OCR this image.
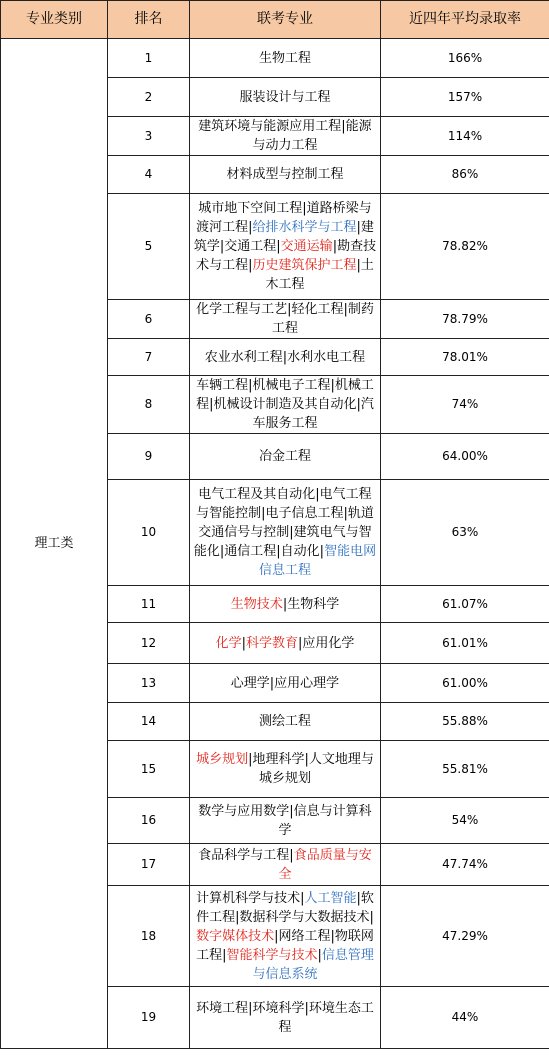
专业类别	排名	联考专业	近四年平均录取率
理工类	1	生物工程	166%
	2	服装设计与工程	157%
	3	建筑环境与能源应用工程|能源与动力工程	114%
	4	材料成型与控制工程	86%
	5	城市地下空间工程|道路桥梁与渡河工程|给排水科学与工程|建筑学|交通工程|交通运输|勘查技术与工程|历史建筑保护工程|土木工程	78.82%
	6	化学工程与工艺|轻化工程|制药工程	78.79%
	7	农业水利工程|水利水电工程	78.01%
	8	车辆工程|机械电子工程|机械工程|机械设计制造及其自动化|汽车服务工程	74%
	9	冶金工程	64.00%
	10	电气工程及其自动化|电气工程与智能控制|电子信息工程|轨道交通信号与控制|建筑电气与智能化|通信工程|自动化|智能电网信息工程	63%
	11	生物技术|生物科学	61.07%
	12	化学|科学教育|应用化学	61.01%
	13	心理学|应用心理学	61.00%
	14	测绘工程	55.88%
	15	城乡规划|地理科学|人文地理与城乡规划	55.81%
	16	数学与应用数学|信息与计算科学	54%
	17	食品科学与工程|食品质量与安全	47.74%
	18	计算机科学与技术|人工智能|软件工程|数据科学与大数据技术|数字媒体技术|网络工程|物联网工程|智能科学与技术|信息管理与信息系统	47.29%
	19	环境工程|环境科学|环境生态工程	44%
